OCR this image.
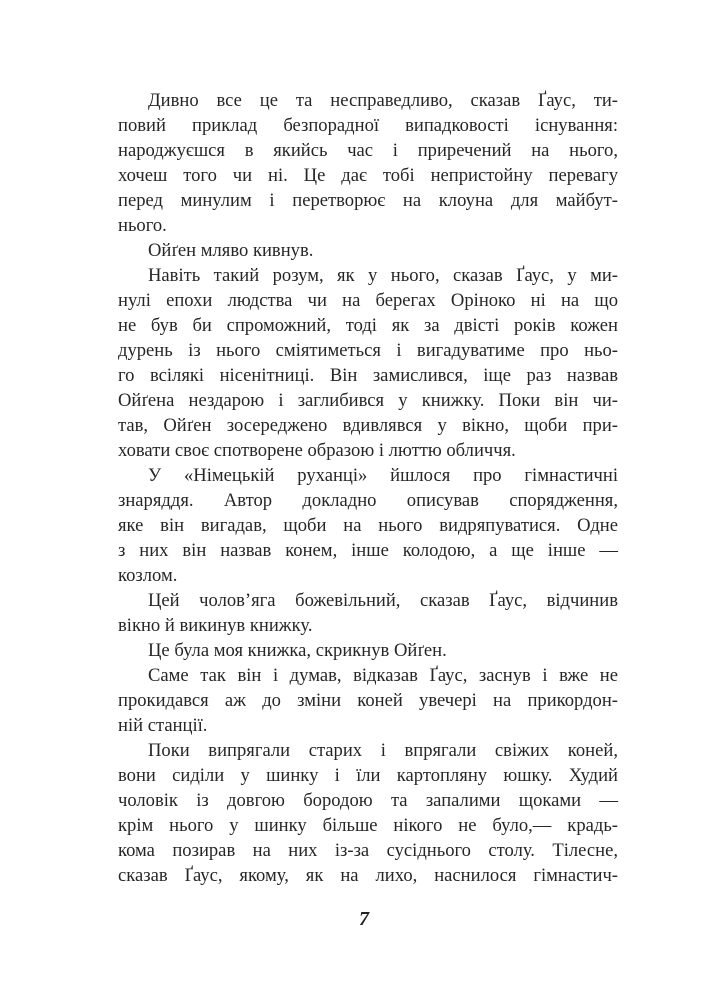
Дивно все це та несправедливо, сказав Ґаус, ти-
повий приклад безпорадної випадковості існування:
народжуєшся в якийсь час і приречений на нього,
хочеш того чи ні. Це дає тобі непристойну перевагу
перед минулим і перетворює на клоуна для майбут-
нього.
Ойґен мляво кивнув.
Навіть такий розум, як у нього, сказав Ґаус, у ми-
нулі епохи людства чи на берегах Оріноко ні на що
не був би спроможний, тоді як за двісті років кожен
дурень із нього сміятиметься і вигадуватиме про ньо-
го всілякі нісенітниці. Він замислився, іще раз назвав
Ойґена нездарою і заглибився у книжку. Поки він чи-
тав, Ойґен зосереджено вдивлявся у вікно, щоби при-
ховати своє спотворене образою і люттю обличчя.
У «Німецькій руханці» йшлося про гімнастичні
знаряддя. Автор докладно описував спорядження,
яке він вигадав, щоби на нього видряпуватися. Одне
з них він назвав конем, інше колодою, а ще інше —
козлом.
Цей чолов’яга божевільний, сказав Ґаус, відчинив
вікно й викинув книжку.
Це була моя книжка, скрикнув Ойґен.
Саме так він і думав, відказав Ґаус, заснув і вже не
прокидався аж до зміни коней увечері на прикордон-
ній станції.
Поки випрягали старих і впрягали свіжих коней,
вони сиділи у шинку і їли картопляну юшку. Худий
чоловік із довгою бородою та запалими щоками —
крім нього у шинку більше нікого не було,— крадь-
кома позирав на них із-за сусіднього столу. Тілесне,
сказав Ґаус, якому, як на лихо, наснилося гімнастич-
7
